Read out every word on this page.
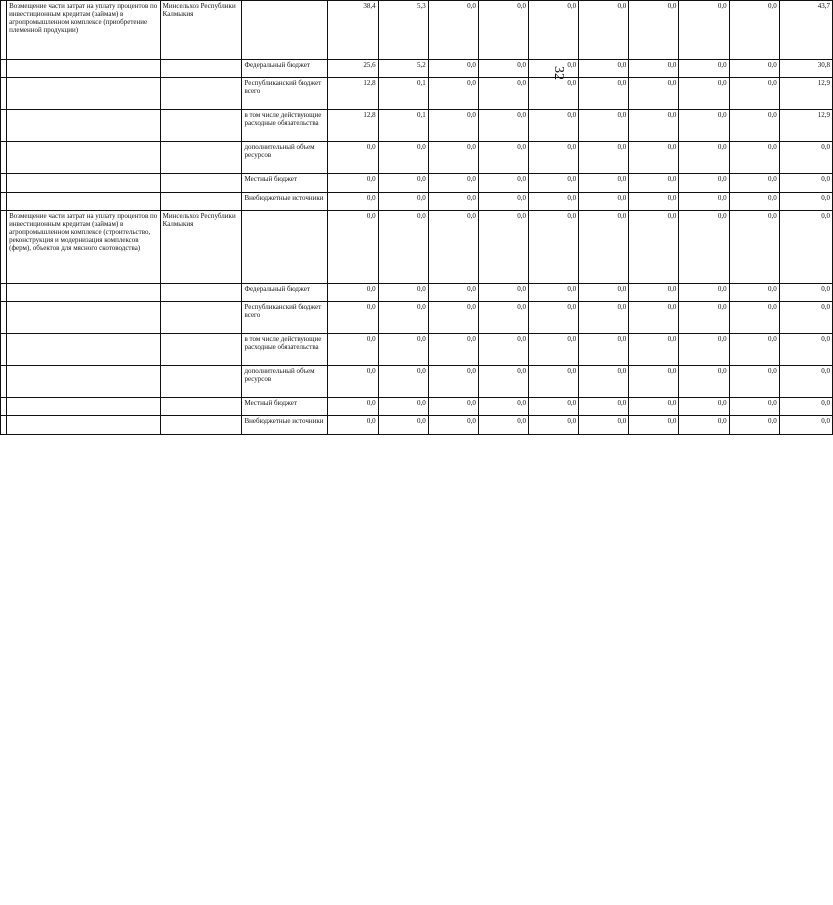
32
	Возмещение части затрат на уплату процентов по инвестиционным кредитам (займам) в агропромышленном комплексе (приобретение племенной продукции)	Минсельхоз Республики Калмыкия		38,4	5,3	0,0	0,0	0,0	0,0	0,0	0,0	0,0	43,7
			Федеральный бюджет	25,6	5,2	0,0	0,0	0,0	0,0	0,0	0,0	0,0	30,8
			Республиканский бюджет всего	12,8	0,1	0,0	0,0	0,0	0,0	0,0	0,0	0,0	12,9
			в том числе действующие расходные обязательства	12,8	0,1	0,0	0,0	0,0	0,0	0,0	0,0	0,0	12,9
			дополнительный объем ресурсов	0,0	0,0	0,0	0,0	0,0	0,0	0,0	0,0	0,0	0,0
			Местный бюджет	0,0	0,0	0,0	0,0	0,0	0,0	0,0	0,0	0,0	0,0
			Внебюджетные источники	0,0	0,0	0,0	0,0	0,0	0,0	0,0	0,0	0,0	0,0
	Возмещение части затрат на уплату процентов по инвестиционным кредитам (займам) в агропромышленном комплексе (строительство, реконструкция и модернизация комплексов (ферм), объектов для мясного скотоводства)	Минсельхоз Республики Калмыкия		0,0	0,0	0,0	0,0	0,0	0,0	0,0	0,0	0,0	0,0
			Федеральный бюджет	0,0	0,0	0,0	0,0	0,0	0,0	0,0	0,0	0,0	0,0
			Республиканский бюджет всего	0,0	0,0	0,0	0,0	0,0	0,0	0,0	0,0	0,0	0,0
			в том числе действующие расходные обязательства	0,0	0,0	0,0	0,0	0,0	0,0	0,0	0,0	0,0	0,0
			дополнительный объем ресурсов	0,0	0,0	0,0	0,0	0,0	0,0	0,0	0,0	0,0	0,0
			Местный бюджет	0,0	0,0	0,0	0,0	0,0	0,0	0,0	0,0	0,0	0,0
			Внебюджетные источники	0,0	0,0	0,0	0,0	0,0	0,0	0,0	0,0	0,0	0,0
